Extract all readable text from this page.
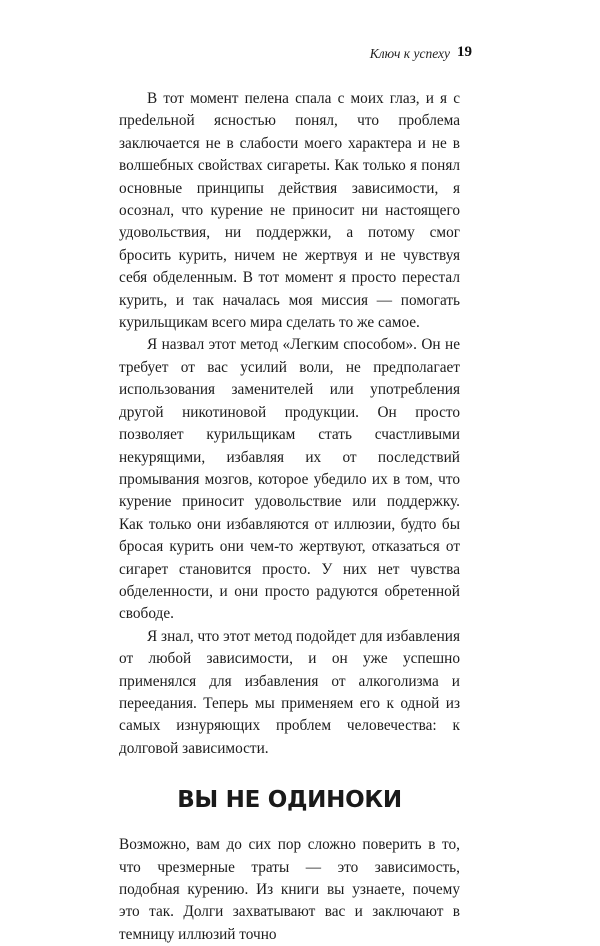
Ключ к успеху 19

В тот момент пелена спала с моих глаз, и я с преdельной ясностью понял, что проблема заключается не в слабости моего характера и не в волшебных свойствах сигареты. Как только я понял основные принципы действия зависимости, я осознал, что курение не приносит ни настоящего удовольствия, ни поддержки, а потому смог бросить курить, ничем не жертвуя и не чувствуя себя обделенным. В тот момент я просто перестал курить, и так началась моя миссия — помогать курильщикам всего мира сделать то же самое.

Я назвал этот метод «Легким способом». Он не требует от вас усилий воли, не предполагает использования заменителей или употребления другой никотиновой продукции. Он просто позволяет курильщикам стать счастливыми некурящими, избавляя их от последствий промывания мозгов, которое убедило их в том, что курение приносит удовольствие или поддержку. Как только они избавляются от иллюзии, будто бы бросая курить они чем-то жертвуют, отказаться от сигарет становится просто. У них нет чувства обделенности, и они просто радуются обретенной свободе.

Я знал, что этот метод подойдет для избавления от любой зависимости, и он уже успешно применялся для избавления от алкоголизма и переедания. Теперь мы применяем его к одной из самых изнуряющих проблем человечества: к долговой зависимости.

ВЫ НЕ ОДИНОКИ

Возможно, вам до сих пор сложно поверить в то, что чрезмерные траты — это зависимость, подобная курению. Из книги вы узнаете, почему это так. Долги захватывают вас и заключают в темницу иллюзий точно
